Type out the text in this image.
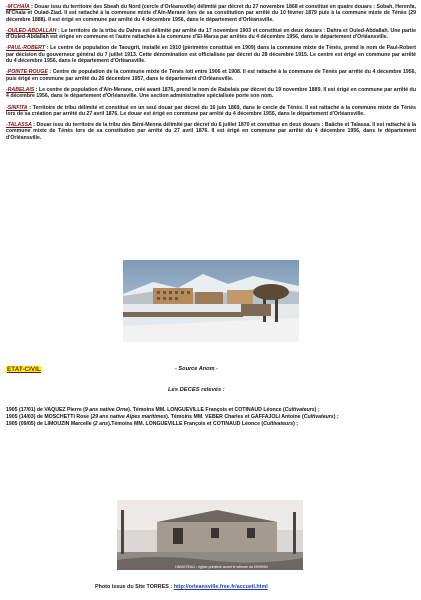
-M'CHAÏA : Douar issu du territoire des Sbeah du Nord (cercle d'Orléansville) délimité par décret du 27 novembre 1868 et constitué en quatre douars : Sobah, Herenfa, M'Chaïa et Oulad-Ziad. Il est rattaché à la commune mixte d'Aïn-Merane lors de sa constitution par arrêté du 10 février 1879 puis à la commune mixte de Ténès (29 décembre 1888). Il est érigé en commune par arrêté du 4 décembre 1956, dans le département d'Orléansville.

-OULED-ABDALLAH : Le territoire de la tribu du Dahra est délimité par arrêté du 17 novembre 1903 et constitué en deux douars : Dahra et Ouled-Abdallah. Une partie d'Ouled-Abdallah est érigée en commune et l'autre rattachée à la commune d'El-Marsa par arrêtés du 4 décembre 1956, dans le département d'Orléansville.

-PAUL-ROBERT : Le centre de population de Taougrit, installé en 1910 (périmètre constitué en 1909) dans la commune mixte de Ténès, prend le nom de Paul-Robert par décision du gouverneur général du 7 juillet 1913. Cette dénomination est officialisée par décret du 28 décembre 1915. Le centre est érigé en commune par arrêté du 4 décembre 1956, dans le département d'Orléansville.

-POINTE-ROUGE : Centre de population de la commune mixte de Ténès loti entre 1906 et 1908. Il est rattaché à la commune de Ténès par arrêté du 4 décembre 1956, puis érigé en commune par arrêté du 26 décembre 1957, dans le département d'Orléansville.

-RABELAIS : Le centre de population d'Aïn-Merane, créé avant 1876, prend le nom de Rabelais par décret du 19 novembre 1889. Il est érigé en commune par arrêté du 4 décembre 1956, dans le département d'Orléansville. Une section administrative spécialisée porte son nom.

-SINFITA : Territoire de tribu délimité et constitué en un seul douar par décret du 16 juin 1869, dans le cercle de Ténès. Il est rattaché à la commune mixte de Ténès lors de sa création par arrêté du 27 avril 1876. Le douar est érigé en commune par arrêté du 4 décembre 1956, dans le département d'Orléansville.

-TALASSA : Douar issu du territoire de la tribu des Béni-Menna délimité par décret du 6 juillet 1870 et constitué en deux douars : Baâche et Talassa. Il est rattaché à la commune mixte de Ténès lors de sa constitution par arrêté du 27 avril 1876. Il est érigé en commune par arrêté du 4 décembre 1956, dans le département d'Orléansville.

ETAT-CIVIL	- Source Anom -
Les DECES relevés :
1905 (17/01) de VAQUEZ Pierre (9 ans native Orne). Témoins MM. LONGUEVILLE François et COTINAUD Léonce (Cultivateurs) ;
1905 (14/03) de MOSCHETTI Rose (29 ans native Alpes maritimes). Témoins MM. VEBER Charles et GAFFAJOLI Antoine (Cultivateurs) ;
1905 (09/05) de LIMOUZIN Marcelle (2 ans).Témoins MM. LONGUEVILLE François et COTINAUD Léonce (Cultivateurs) ;
HANOTEAU - église primitive avant le séisme du 09/09/54
Photo issue du Site TORRES : http://orleansville.free.fr/accueil.html
